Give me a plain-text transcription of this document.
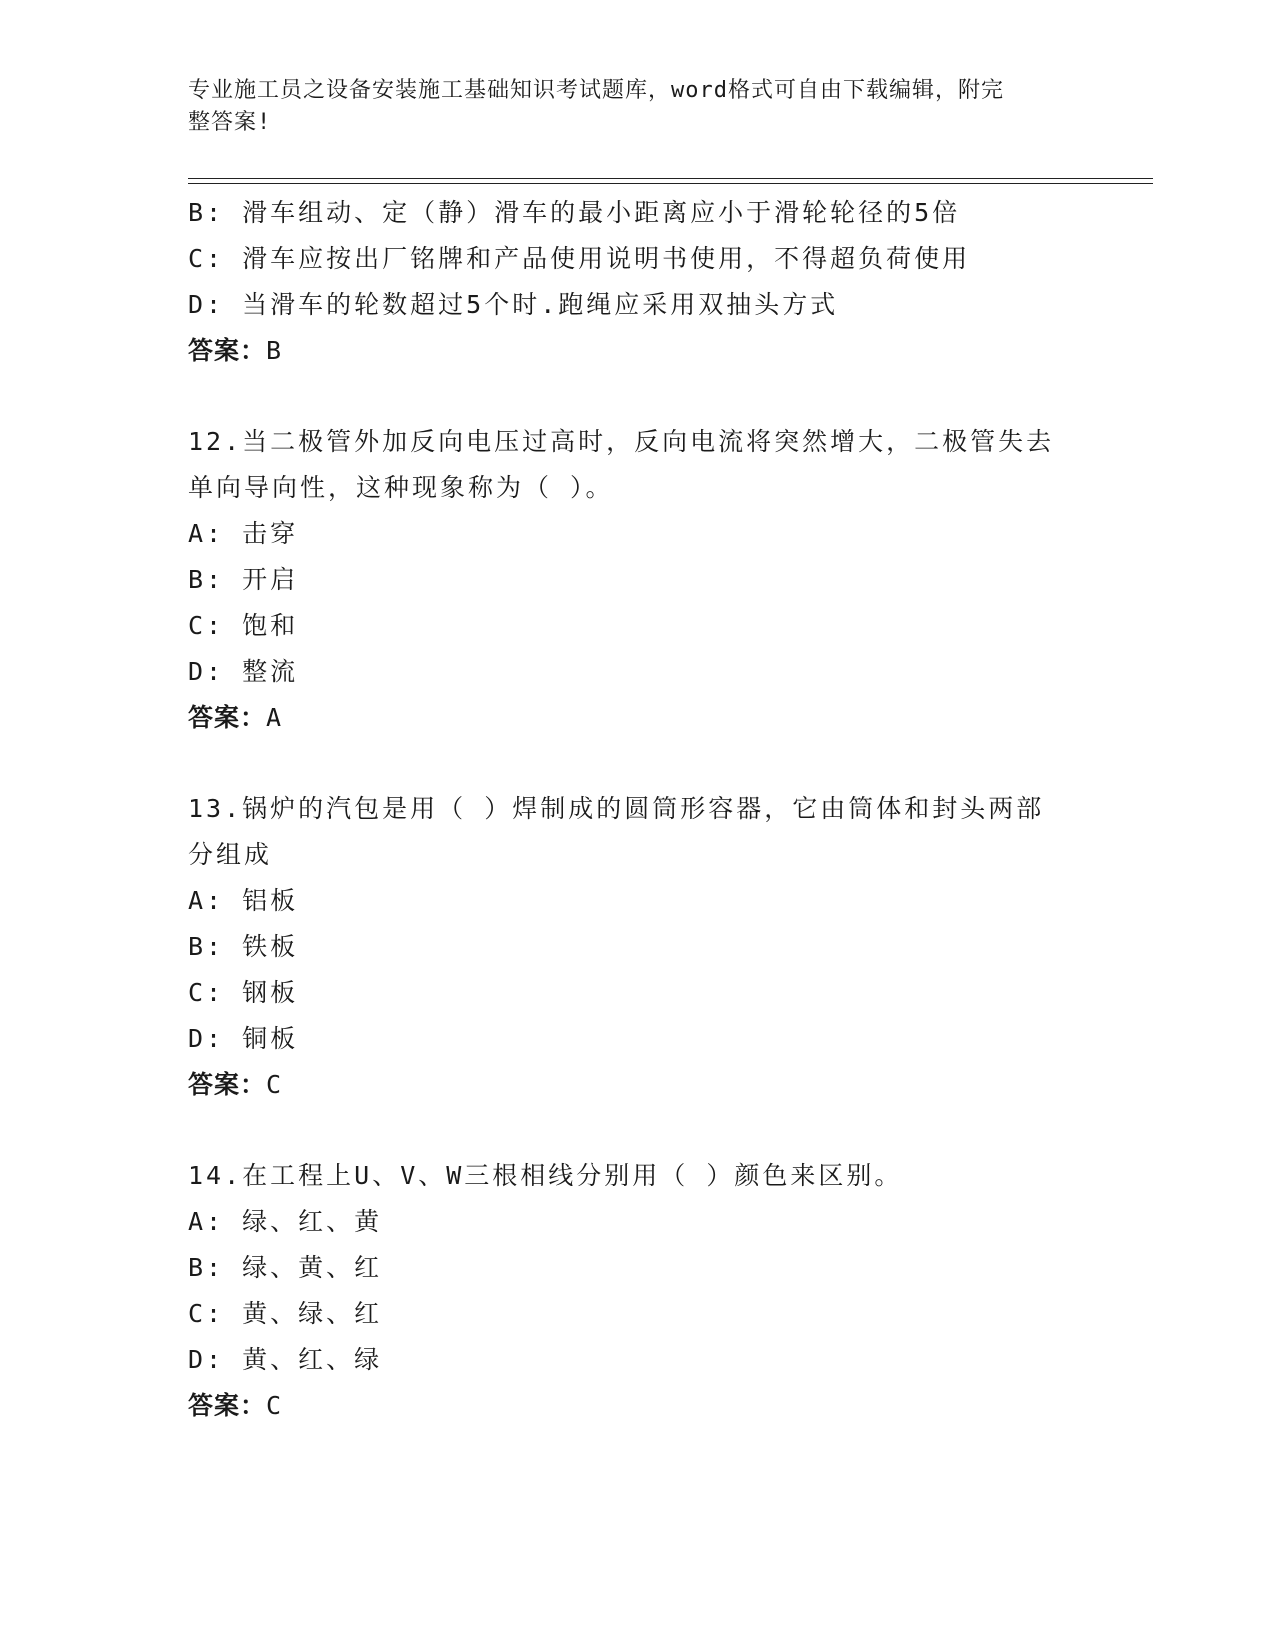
专业施工员之设备安装施工基础知识考试题库，word格式可自由下载编辑，附完
整答案!
B: 滑车组动、定（静）滑车的最小距离应小于滑轮轮径的5倍
C: 滑车应按出厂铭牌和产品使用说明书使用，不得超负荷使用
D: 当滑车的轮数超过5个时.跑绳应采用双抽头方式
答案：B
12.当二极管外加反向电压过高时，反向电流将突然增大，二极管失去
单向导向性，这种现象称为（ ）。
A: 击穿
B: 开启
C: 饱和
D: 整流
答案：A
13.锅炉的汽包是用（ ）焊制成的圆筒形容器，它由筒体和封头两部
分组成
A: 铝板
B: 铁板
C: 钢板
D: 铜板
答案：C
14.在工程上U、V、W三根相线分别用（ ）颜色来区别。
A: 绿、红、黄
B: 绿、黄、红
C: 黄、绿、红
D: 黄、红、绿
答案：C
